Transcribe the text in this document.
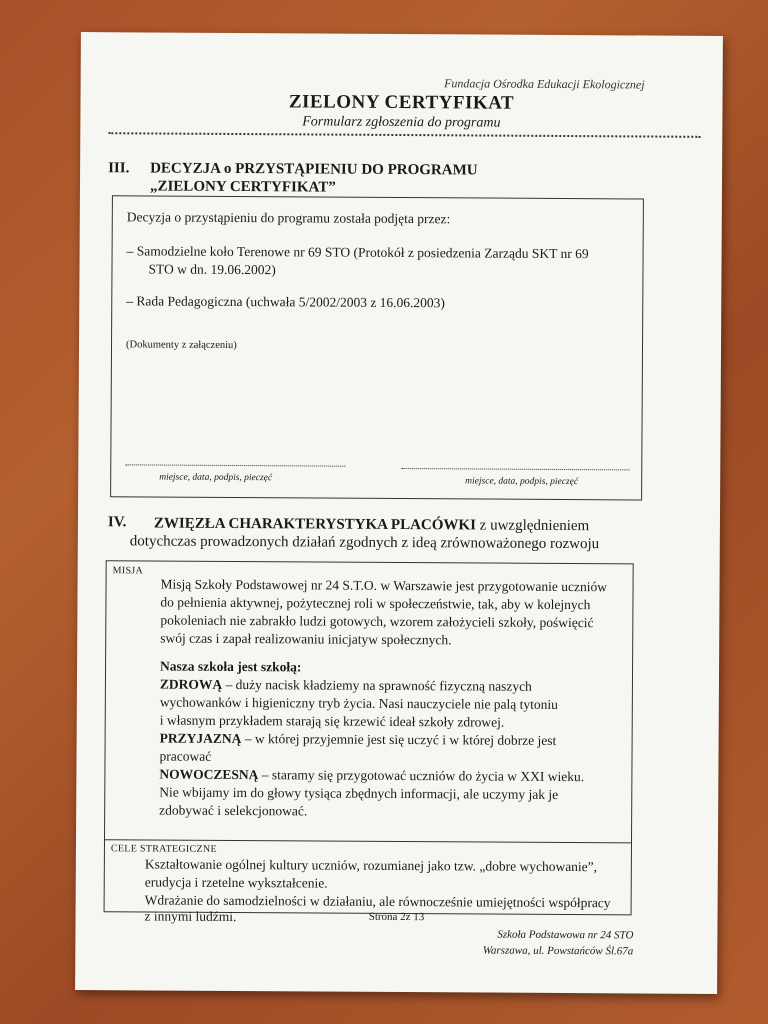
Fundacja Ośrodka Edukacji Ekologicznej
ZIELONY CERTYFIKAT
Formularz zgłoszenia do programu
III. DECYZJA o PRZYSTĄPIENIU DO PROGRAMU
„ZIELONY CERTYFIKAT”
Decyzja o przystąpieniu do programu została podjęta przez:
– Samodzielne koło Terenowe nr 69 STO (Protokół z posiedzenia Zarządu SKT nr 69
STO w dn. 19.06.2002)
– Rada Pedagogiczna (uchwała 5/2002/2003 z 16.06.2003)
(Dokumenty z załączeniu)
miejsce, data, podpis, pieczęć	miejsce, data, podpis, pieczęć
IV. ZWIĘZŁA CHARAKTERYSTYKA PLACÓWKI z uwzględnieniem
dotychczas prowadzonych działań zgodnych z ideą zrównoważonego rozwoju
MISJA
Misją Szkoły Podstawowej nr 24 S.T.O. w Warszawie jest przygotowanie uczniów
do pełnienia aktywnej, pożytecznej roli w społeczeństwie, tak, aby w kolejnych
pokoleniach nie zabrakło ludzi gotowych, wzorem założycieli szkoły, poświęcić
swój czas i zapał realizowaniu inicjatyw społecznych.
Nasza szkoła jest szkołą:
ZDROWĄ – duży nacisk kładziemy na sprawność fizyczną naszych
wychowanków i higieniczny tryb życia. Nasi nauczyciele nie palą tytoniu
i własnym przykładem starają się krzewić ideał szkoły zdrowej.
PRZYJAZNĄ – w której przyjemnie jest się uczyć i w której dobrze jest
pracować
NOWOCZESNĄ – staramy się przygotować uczniów do życia w XXI wieku.
Nie wbijamy im do głowy tysiąca zbędnych informacji, ale uczymy jak je
zdobywać i selekcjonować.
CELE STRATEGICZNE
Kształtowanie ogólnej kultury uczniów, rozumianej jako tzw. „dobre wychowanie”,
erudycja i rzetelne wykształcenie.
Wdrażanie do samodzielności w działaniu, ale równocześnie umiejętności współpracy
z innymi ludźmi.	Strona 2z 13
Szkoła Podstawowa nr 24 STO
Warszawa, ul. Powstańców Śl.67a
